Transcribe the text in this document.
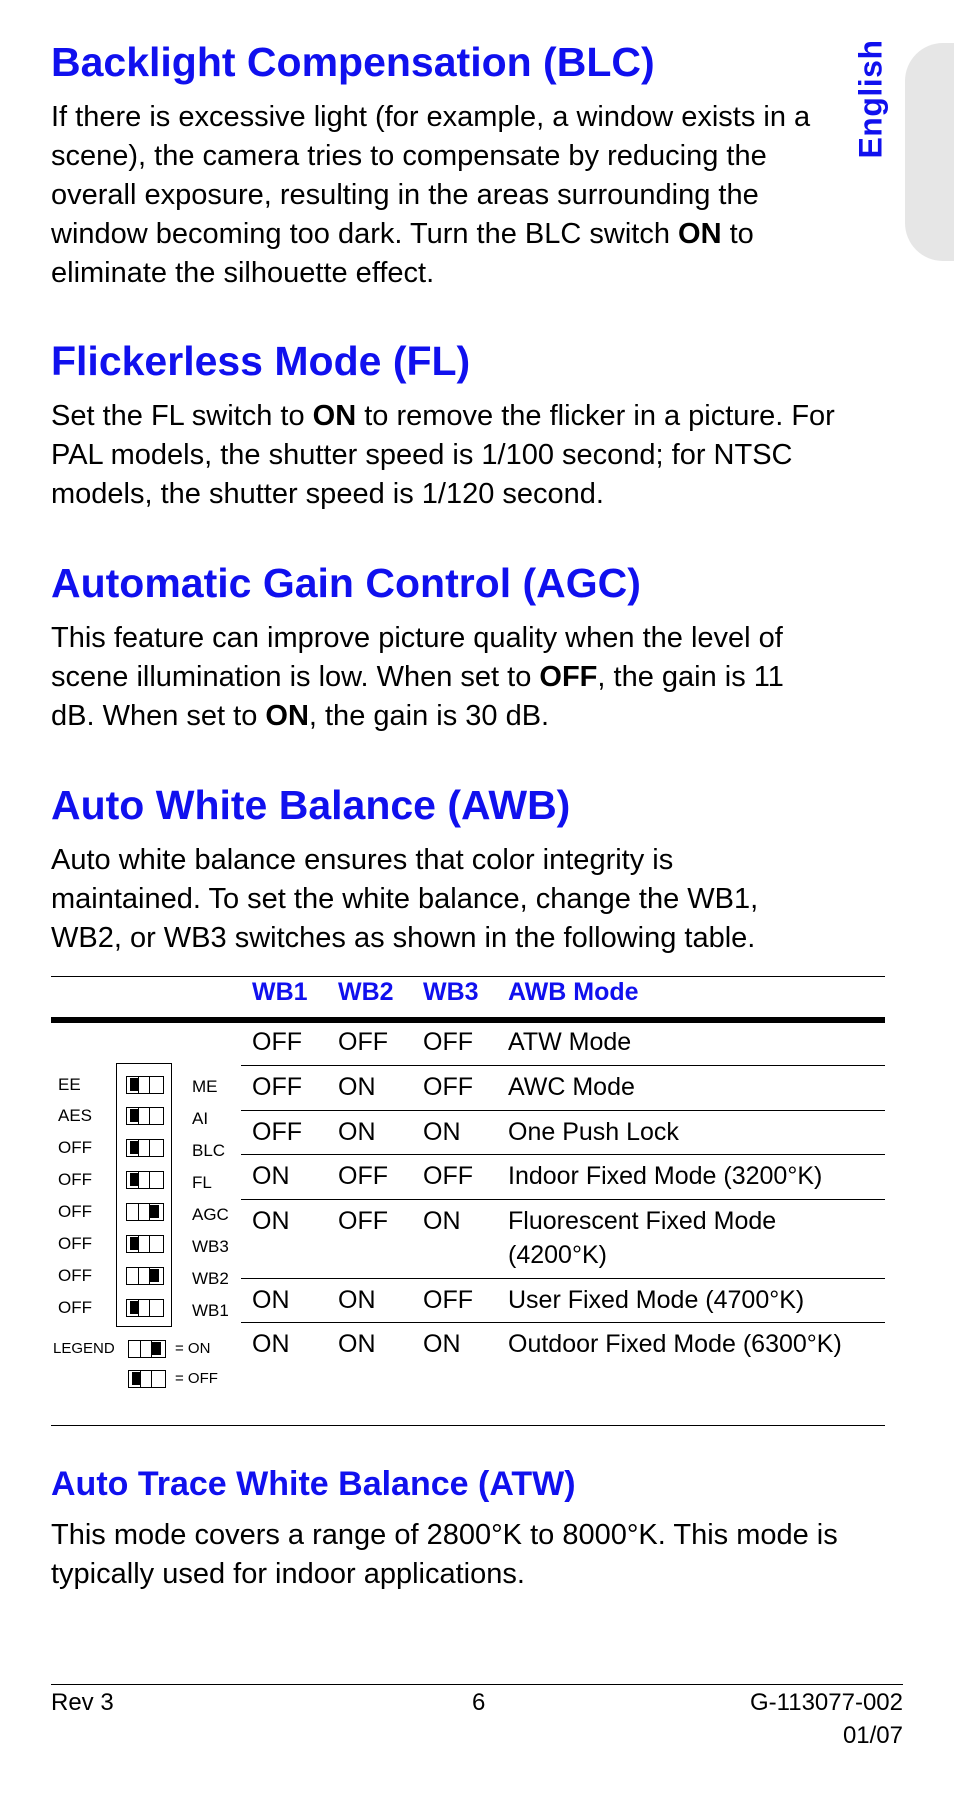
English
Backlight Compensation (BLC)
If there is excessive light (for example, a window exists in a
scene), the camera tries to compensate by reducing the
overall exposure, resulting in the areas surrounding the
window becoming too dark. Turn the BLC switch ON to
eliminate the silhouette effect.
Flickerless Mode (FL)
Set the FL switch to ON to remove the flicker in a picture. For
PAL models, the shutter speed is 1/100 second; for NTSC
models, the shutter speed is 1/120 second.
Automatic Gain Control (AGC)
This feature can improve picture quality when the level of
scene illumination is low. When set to OFF, the gain is 11
dB. When set to ON, the gain is 30 dB.
Auto White Balance (AWB)
Auto white balance ensures that color integrity is
maintained. To set the white balance, change the WB1,
WB2, or WB3 switches as shown in the following table.
WB1 WB2 WB3 AWB Mode
OFF OFF OFF ATW Mode
OFF ON OFF AWC Mode
OFF ON ON One Push Lock
ON OFF OFF Indoor Fixed Mode (3200°K)
ON OFF ON Fluorescent Fixed Mode
(4200°K)
ON ON OFF User Fixed Mode (4700°K)
ON ON ON Outdoor Fixed Mode (6300°K)
EE	ME
AES	AI
OFF	BLC
OFF	FL
OFF	AGC
OFF	WB3
OFF	WB2
OFF	WB1
LEGEND	= ON
= OFF
Auto Trace White Balance (ATW)
This mode covers a range of 2800°K to 8000°K. This mode is
typically used for indoor applications.
Rev 3	6	G-113077-002
01/07
